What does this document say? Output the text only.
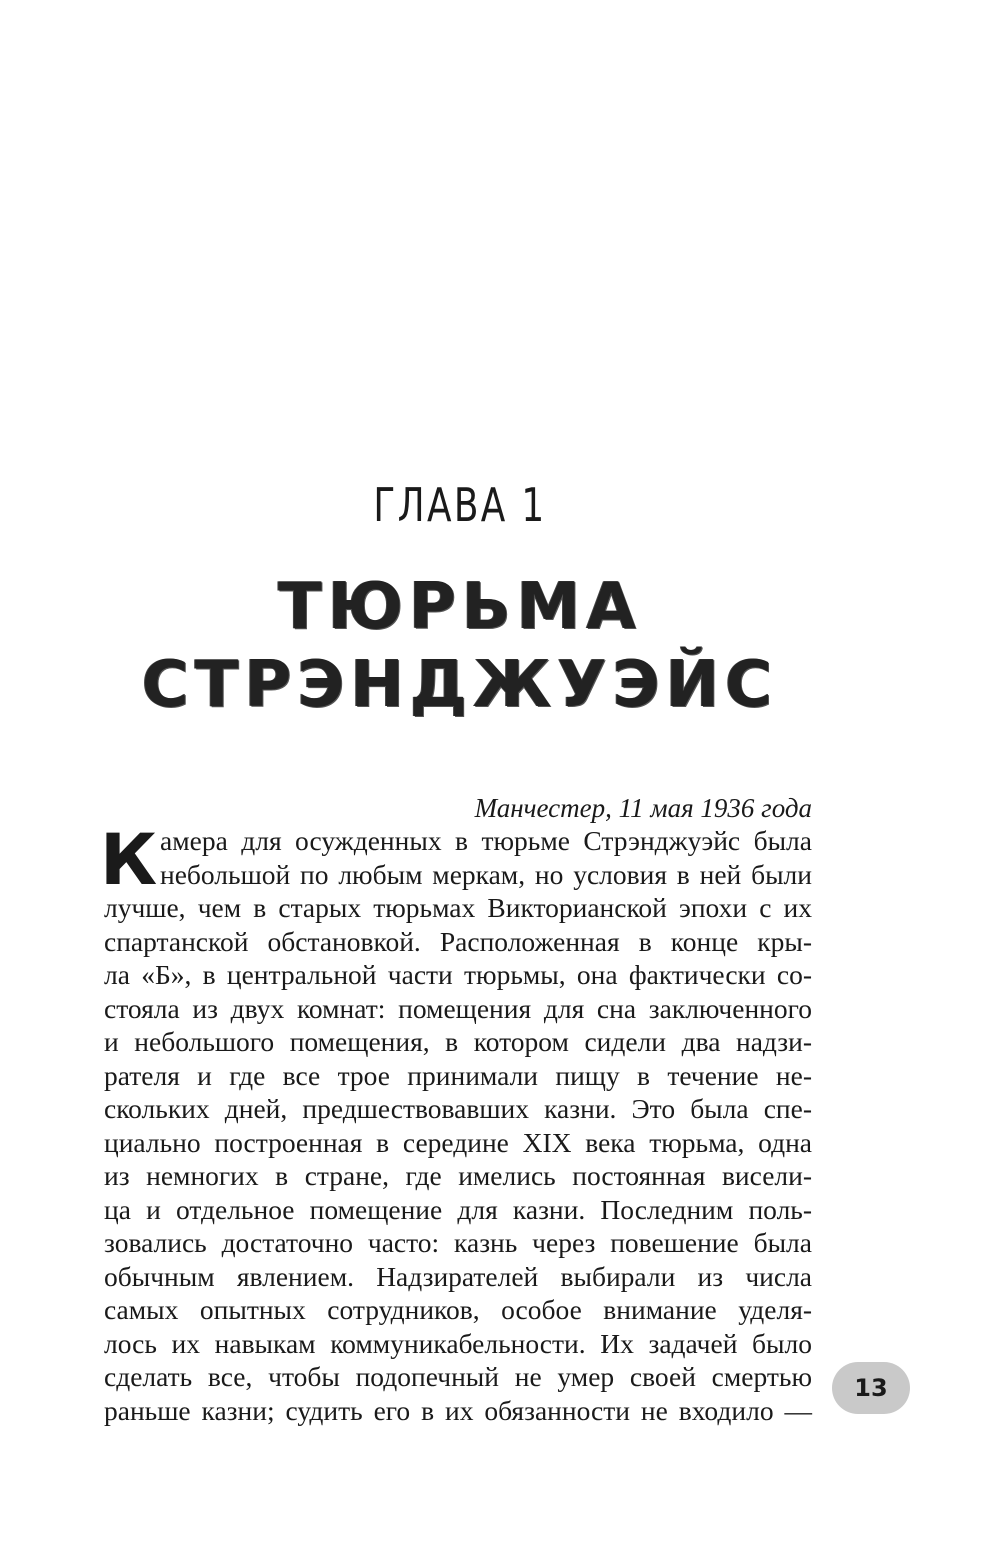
ГЛАВА 1
ТЮРЬМА
СТРЭНДЖУЭЙС
Манчестер, 11 мая 1936 года
К амера для осужденных в тюрьме Стрэнджуэйс была
небольшой по любым меркам, но условия в ней были
лучше, чем в старых тюрьмах Викторианской эпохи с их
спартанской обстановкой. Расположенная в конце кры-
ла «Б», в центральной части тюрьмы, она фактически со-
стояла из двух комнат: помещения для сна заключенного
и небольшого помещения, в котором сидели два надзи-
рателя и где все трое принимали пищу в течение не-
скольких дней, предшествовавших казни. Это была спе-
циально построенная в середине XIX века тюрьма, одна
из немногих в стране, где имелись постоянная висели-
ца и отдельное помещение для казни. Последним поль-
зовались достаточно часто: казнь через повешение была
обычным явлением. Надзирателей выбирали из числа
самых опытных сотрудников, особое внимание уделя-
лось их навыкам коммуникабельности. Их задачей было
сделать все, чтобы подопечный не умер своей смертью
раньше казни; судить его в их обязанности не входило —
13
